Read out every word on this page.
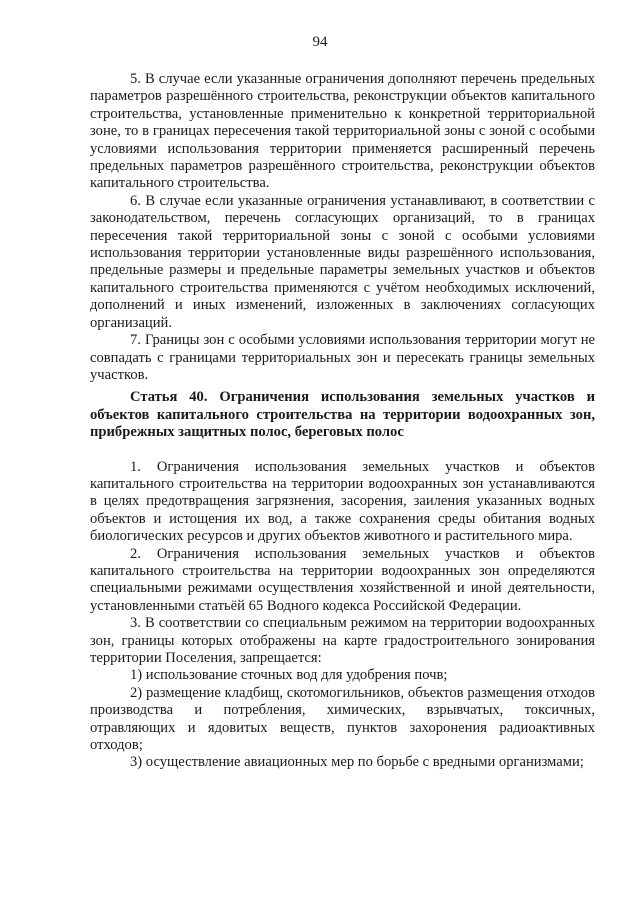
94

5. В случае если указанные ограничения дополняют перечень предельных параметров разрешённого строительства, реконструкции объектов капитального строительства, установленные применительно к конкретной территориальной зоне, то в границах пересечения такой территориальной зоны с зоной с особыми условиями использования территории применяется расширенный перечень предельных параметров разрешённого строительства, реконструкции объектов капитального строительства.

6. В случае если указанные ограничения устанавливают, в соответствии с законодательством, перечень согласующих организаций, то в границах пересечения такой территориальной зоны с зоной с особыми условиями использования территории установленные виды разрешённого использования, предельные размеры и предельные параметры земельных участков и объектов капитального строительства применяются с учётом необходимых исключений, дополнений и иных изменений, изложенных в заключениях согласующих организаций.

7. Границы зон с особыми условиями использования территории могут не совпадать с границами территориальных зон и пересекать границы земельных участков.

Статья 40. Ограничения использования земельных участков и объектов капитального строительства на территории водоохранных зон, прибрежных защитных полос, береговых полос

1. Ограничения использования земельных участков и объектов капитального строительства на территории водоохранных зон устанавливаются в целях предотвращения загрязнения, засорения, заиления указанных водных объектов и истощения их вод, а также сохранения среды обитания водных биологических ресурсов и других объектов животного и растительного мира.

2. Ограничения использования земельных участков и объектов капитального строительства на территории водоохранных зон определяются специальными режимами осуществления хозяйственной и иной деятельности, установленными статьёй 65 Водного кодекса Российской Федерации.

3. В соответствии со специальным режимом на территории водоохранных зон, границы которых отображены на карте градостроительного зонирования территории Поселения, запрещается:

1) использование сточных вод для удобрения почв;

2) размещение кладбищ, скотомогильников, объектов размещения отходов производства и потребления, химических, взрывчатых, токсичных, отравляющих и ядовитых веществ, пунктов захоронения радиоактивных отходов;

3) осуществление авиационных мер по борьбе с вредными организмами;
